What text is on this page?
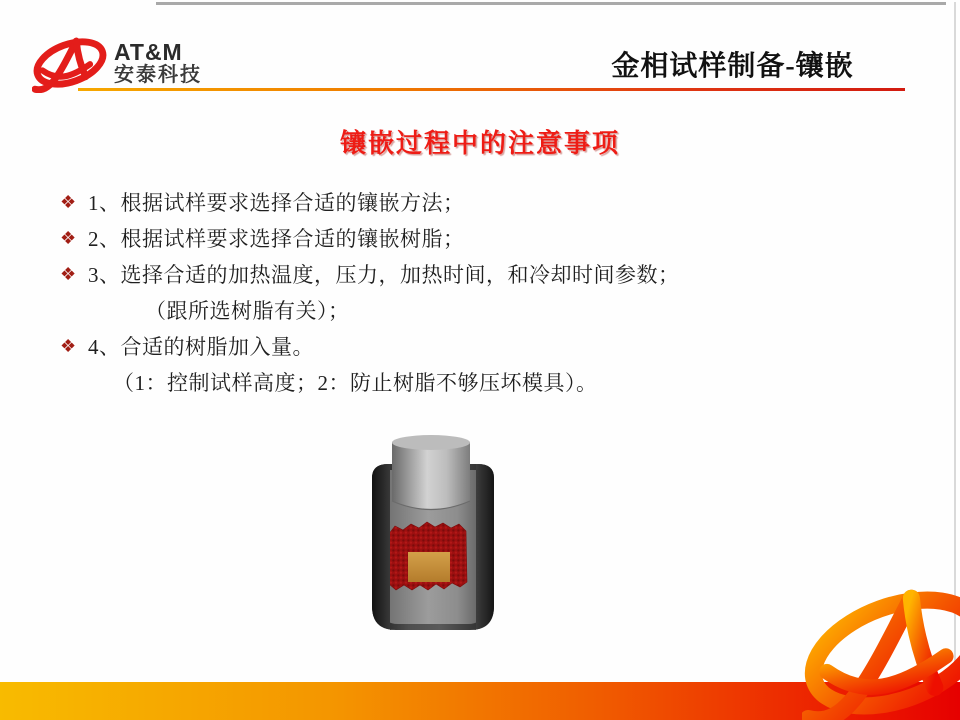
AT&M
安泰科技	金相试样制备-镶嵌
镶嵌过程中的注意事项
❖ 1、根据试样要求选择合适的镶嵌方法；
❖ 2、根据试样要求选择合适的镶嵌树脂；
❖ 3、选择合适的加热温度，压力，加热时间，和冷却时间参数；
（跟所选树脂有关）；
❖ 4、合适的树脂加入量。
（1：控制试样高度；2：防止树脂不够压坏模具）。
